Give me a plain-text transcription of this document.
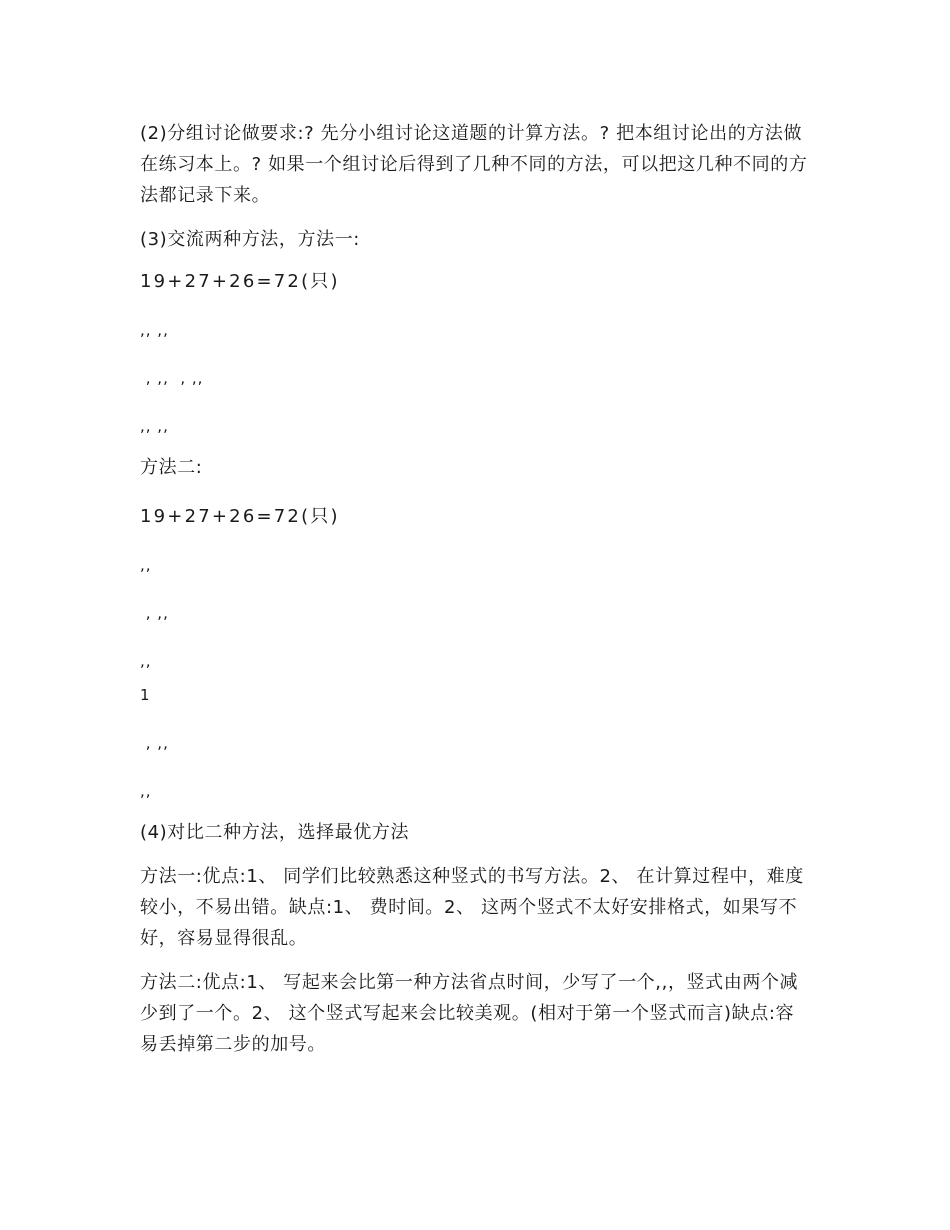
(2)分组讨论做要求:? 先分小组讨论这道题的计算方法。? 把本组讨论出的方法做在练习本上。? 如果一个组讨论后得到了几种不同的方法，可以把这几种不同的方法都记录下来。

(3)交流两种方法，方法一:

19+27+26=72(只)

,, ,,

, ,,  , ,,

,, ,,

方法二:

19+27+26=72(只)

,,

, ,,

,,

1

, ,,

,,

(4)对比二种方法，选择最优方法

方法一:优点:1、 同学们比较熟悉这种竖式的书写方法。2、 在计算过程中，难度较小，不易出错。缺点:1、 费时间。2、 这两个竖式不太好安排格式，如果写不好，容易显得很乱。

方法二:优点:1、 写起来会比第一种方法省点时间，少写了一个,,，竖式由两个减少到了一个。2、 这个竖式写起来会比较美观。(相对于第一个竖式而言)缺点:容易丢掉第二步的加号。
